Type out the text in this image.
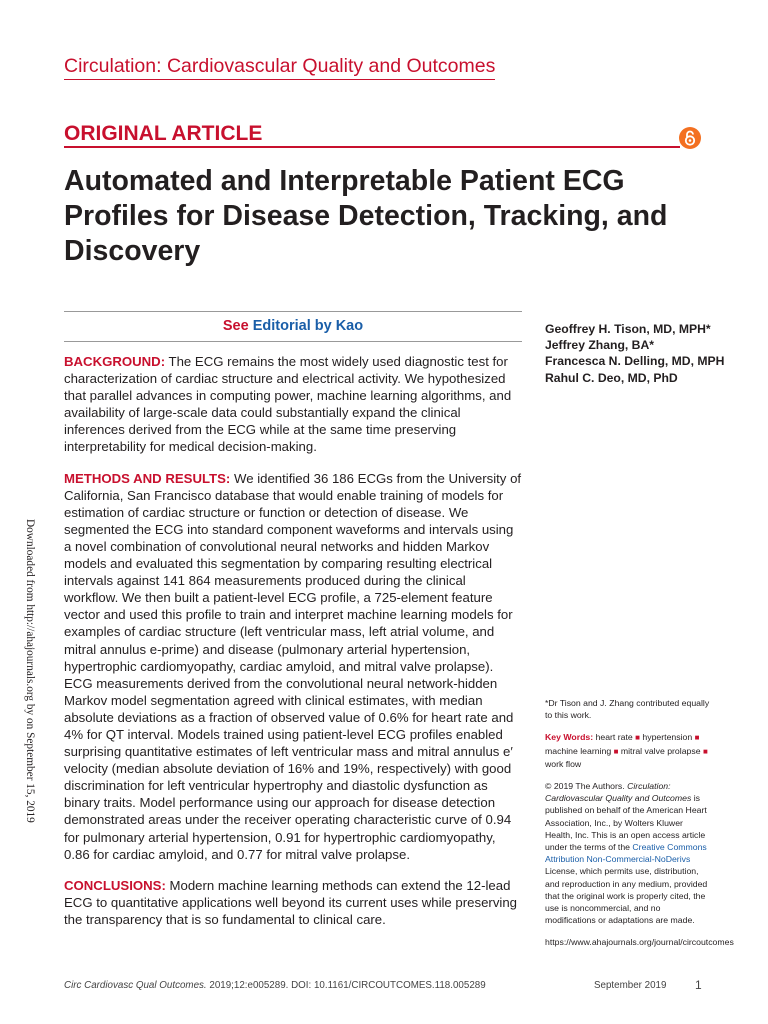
Circulation: Cardiovascular Quality and Outcomes
ORIGINAL ARTICLE
Automated and Interpretable Patient ECG Profiles for Disease Detection, Tracking, and Discovery
See Editorial by Kao

BACKGROUND: The ECG remains the most widely used diagnostic test for characterization of cardiac structure and electrical activity. We hypothesized that parallel advances in computing power, machine learning algorithms, and availability of large-scale data could substantially expand the clinical inferences derived from the ECG while at the same time preserving interpretability for medical decision-making.

METHODS AND RESULTS: We identified 36 186 ECGs from the University of California, San Francisco database that would enable training of models for estimation of cardiac structure or function or detection of disease. We segmented the ECG into standard component waveforms and intervals using a novel combination of convolutional neural networks and hidden Markov models and evaluated this segmentation by comparing resulting electrical intervals against 141 864 measurements produced during the clinical workflow. We then built a patient-level ECG profile, a 725-element feature vector and used this profile to train and interpret machine learning models for examples of cardiac structure (left ventricular mass, left atrial volume, and mitral annulus e-prime) and disease (pulmonary arterial hypertension, hypertrophic cardiomyopathy, cardiac amyloid, and mitral valve prolapse). ECG measurements derived from the convolutional neural network-hidden Markov model segmentation agreed with clinical estimates, with median absolute deviations as a fraction of observed value of 0.6% for heart rate and 4% for QT interval. Models trained using patient-level ECG profiles enabled surprising quantitative estimates of left ventricular mass and mitral annulus e′ velocity (median absolute deviation of 16% and 19%, respectively) with good discrimination for left ventricular hypertrophy and diastolic dysfunction as binary traits. Model performance using our approach for disease detection demonstrated areas under the receiver operating characteristic curve of 0.94 for pulmonary arterial hypertension, 0.91 for hypertrophic cardiomyopathy, 0.86 for cardiac amyloid, and 0.77 for mitral valve prolapse.

CONCLUSIONS: Modern machine learning methods can extend the 12-lead ECG to quantitative applications well beyond its current uses while preserving the transparency that is so fundamental to clinical care.

Geoffrey H. Tison, MD, MPH*
Jeffrey Zhang, BA*
Francesca N. Delling, MD, MPH
Rahul C. Deo, MD, PhD

*Dr Tison and J. Zhang contributed equally to this work.

Key Words: heart rate ■ hypertension ■ machine learning ■ mitral valve prolapse ■ work flow

© 2019 The Authors. Circulation: Cardiovascular Quality and Outcomes is published on behalf of the American Heart Association, Inc., by Wolters Kluwer Health, Inc. This is an open access article under the terms of the Creative Commons Attribution Non-Commercial-NoDerivs License, which permits use, distribution, and reproduction in any medium, provided that the original work is properly cited, the use is noncommercial, and no modifications or adaptations are made.

https://www.ahajournals.org/journal/circoutcomes

Downloaded from http://ahajournals.org by on September 15, 2019
Circ Cardiovasc Qual Outcomes. 2019;12:e005289. DOI: 10.1161/CIRCOUTCOMES.118.005289	September 2019 1
